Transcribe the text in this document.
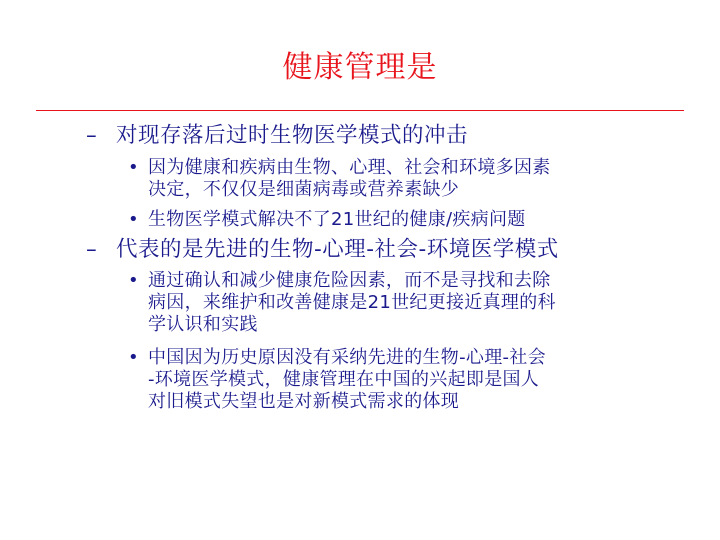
健康管理是
– 对现存落后过时生物医学模式的冲击
• 因为健康和疾病由生物、心理、社会和环境多因素
决定，不仅仅是细菌病毒或营养素缺少
• 生物医学模式解决不了21世纪的健康/疾病问题
– 代表的是先进的生物-心理-社会-环境医学模式
• 通过确认和减少健康危险因素，而不是寻找和去除
病因，来维护和改善健康是21世纪更接近真理的科
学认识和实践
• 中国因为历史原因没有采纳先进的生物-心理-社会
-环境医学模式，健康管理在中国的兴起即是国人
对旧模式失望也是对新模式需求的体现
